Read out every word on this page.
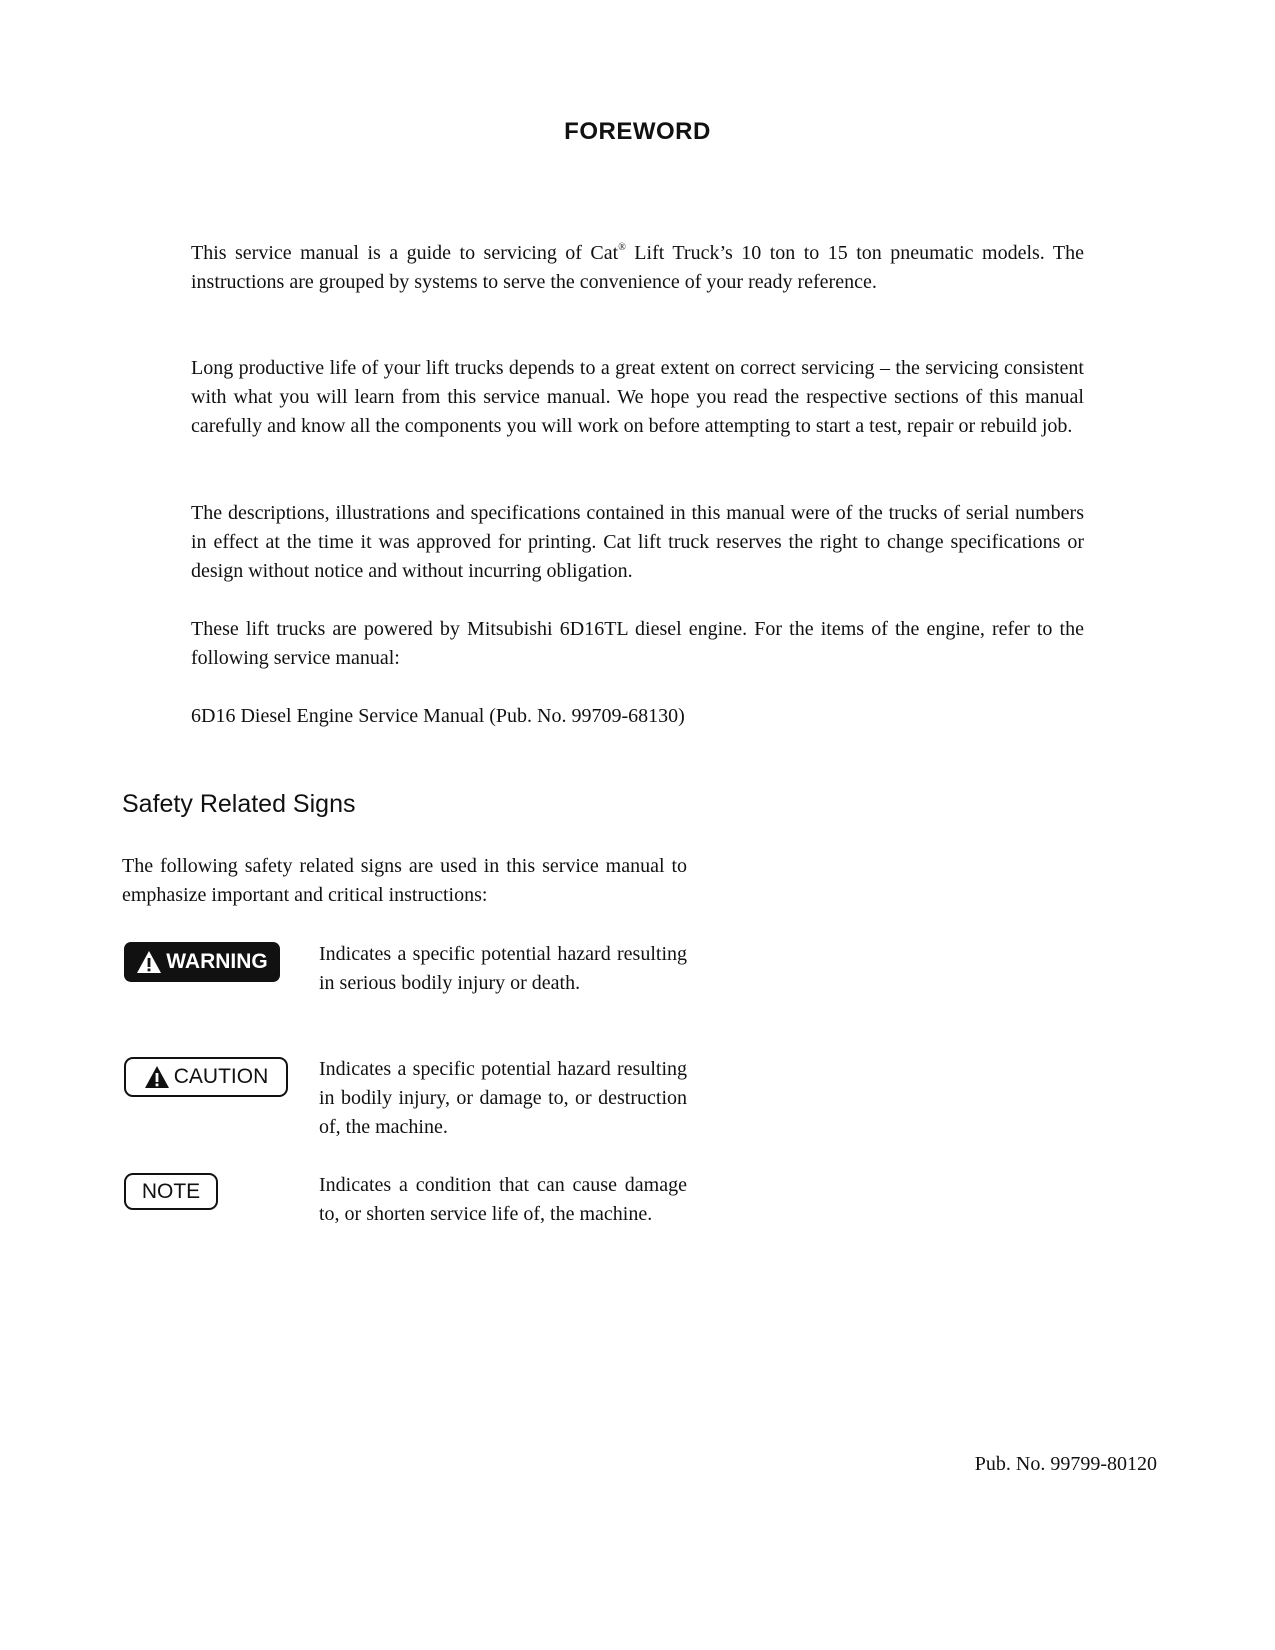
FOREWORD

This service manual is a guide to servicing of Cat® Lift Truck’s 10 ton to 15 ton pneumatic models. The instructions are grouped by systems to serve the convenience of your ready reference.

Long productive life of your lift trucks depends to a great extent on correct servicing – the servicing consistent with what you will learn from this service manual. We hope you read the respective sections of this manual carefully and know all the components you will work on before attempting to start a test, repair or rebuild job.

The descriptions, illustrations and specifications contained in this manual were of the trucks of serial numbers in effect at the time it was approved for printing. Cat lift truck reserves the right to change specifications or design without notice and without incurring obligation.

These lift trucks are powered by Mitsubishi 6D16TL diesel engine. For the items of the engine, refer to the following service manual:

6D16 Diesel Engine Service Manual (Pub. No. 99709-68130)

Safety Related Signs

The following safety related signs are used in this service manual to emphasize important and critical instructions:

WARNING	Indicates a specific potential hazard resulting in serious bodily injury or death.

CAUTION	Indicates a specific potential hazard resulting in bodily injury, or damage to, or destruction of, the machine.

NOTE	Indicates a condition that can cause damage to, or shorten service life of, the machine.

Pub. No. 99799-80120
